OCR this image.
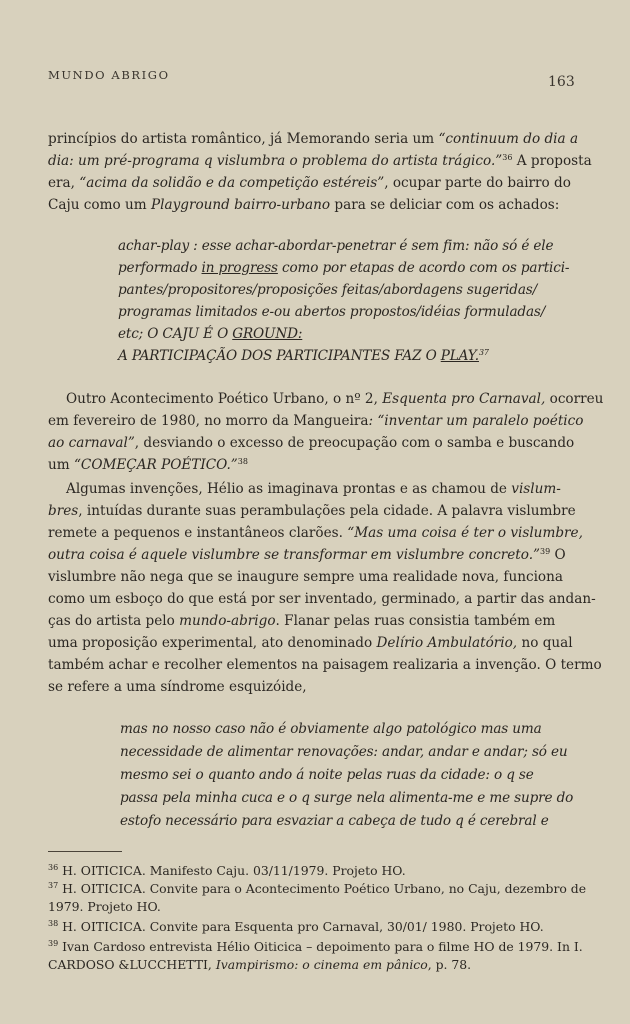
MUNDO ABRIGO	163
princípios do artista romântico, já Memorando seria um “continuum do dia a
dia: um pré-programa q vislumbra o problema do artista trágico.”$^{36}$ A proposta
era, “acima da solidão e da competição estéreis”, ocupar parte do bairro do
Caju como um Playground bairro-urbano para se deliciar com os achados:
achar-play : esse achar-abordar-penetrar é sem fim: não só é ele
performado in progress como por etapas de acordo com os partici-
pantes/propositores/proposições feitas/abordagens sugeridas/
programas limitados e-ou abertos propostos/idéias formuladas/
etc; O CAJU É O GROUND:
A PARTICIPAÇÃO DOS PARTICIPANTES FAZ O PLAY.$^{37}$
Outro Acontecimento Poético Urbano, o nº 2, Esquenta pro Carnaval, ocorreu
em fevereiro de 1980, no morro da Mangueira: “inventar um paralelo poético
ao carnaval”, desviando o excesso de preocupação com o samba e buscando
um “COMEÇAR POÉTICO.”$^{38}$
Algumas invenções, Hélio as imaginava prontas e as chamou de vislum-
bres, intuídas durante suas perambulações pela cidade. A palavra vislumbre
remete a pequenos e instantâneos clarões. “Mas uma coisa é ter o vislumbre,
outra coisa é aquele vislumbre se transformar em vislumbre concreto.”$^{39}$ O
vislumbre não nega que se inaugure sempre uma realidade nova, funciona
como um esboço do que está por ser inventado, germinado, a partir das andan-
ças do artista pelo mundo-abrigo. Flanar pelas ruas consistia também em
uma proposição experimental, ato denominado Delírio Ambulatório, no qual
também achar e recolher elementos na paisagem realizaria a invenção. O termo
se refere a uma síndrome esquizóide,
mas no nosso caso não é obviamente algo patológico mas uma
necessidade de alimentar renovações: andar, andar e andar; só eu
mesmo sei o quanto ando á noite pelas ruas da cidade: o q se
passa pela minha cuca e o q surge nela alimenta-me e me supre do
estofo necessário para esvaziar a cabeça de tudo q é cerebral e
$^{36}$ H. OITICICA. Manifesto Caju. 03/11/1979. Projeto HO.
$^{37}$ H. OITICICA. Convite para o Acontecimento Poético Urbano, no Caju, dezembro de
1979. Projeto HO.
$^{38}$ H. OITICICA. Convite para Esquenta pro Carnaval, 30/01/ 1980. Projeto HO.
$^{39}$ Ivan Cardoso entrevista Hélio Oiticica – depoimento para o filme HO de 1979. In I.
CARDOSO &LUCCHETTI, Ivampirismo: o cinema em pânico, p. 78.
